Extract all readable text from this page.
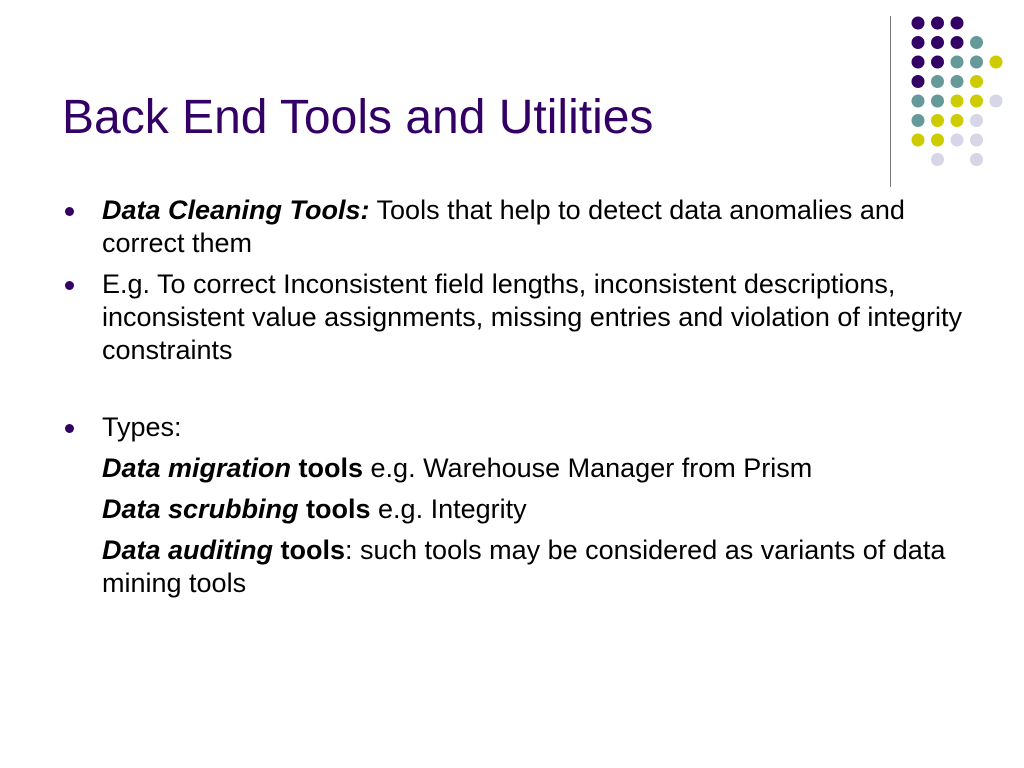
Back End Tools and Utilities
Data Cleaning Tools: Tools that help to detect data anomalies and correct them
E.g. To correct Inconsistent field lengths, inconsistent descriptions, inconsistent value assignments, missing entries and violation of integrity constraints
Types:
Data migration tools e.g. Warehouse Manager from Prism
Data scrubbing tools e.g. Integrity
Data auditing tools: such tools may be considered as variants of data mining tools
